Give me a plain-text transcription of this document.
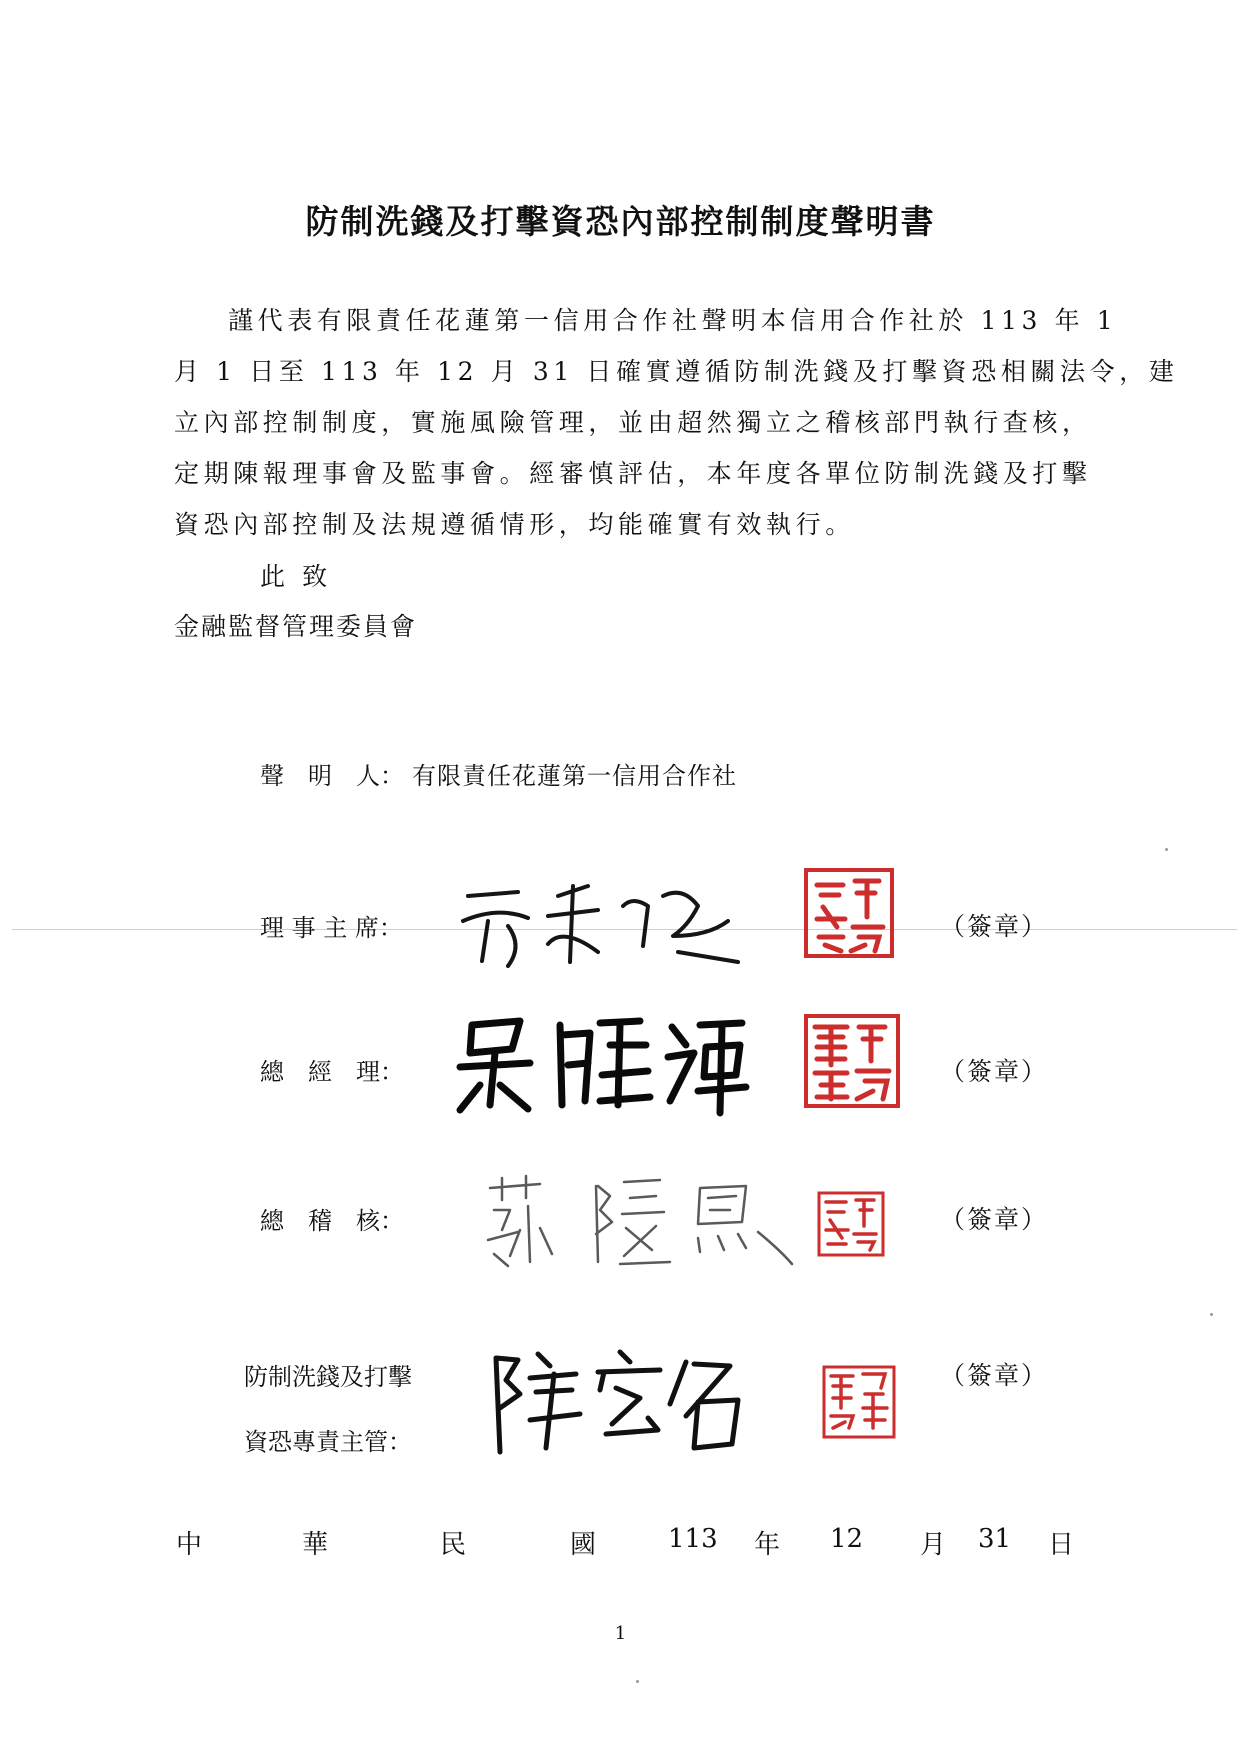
防制洗錢及打擊資恐內部控制制度聲明書
謹代表有限責任花蓮第一信用合作社聲明本信用合作社於 113 年 1
月 1 日至 113 年 12 月 31 日確實遵循防制洗錢及打擊資恐相關法令，建
立內部控制制度，實施風險管理，並由超然獨立之稽核部門執行查核，
定期陳報理事會及監事會。經審慎評估，本年度各單位防制洗錢及打擊
資恐內部控制及法規遵循情形，均能確實有效執行。
此 致
金融監督管理委員會
聲　明　人： 有限責任花蓮第一信用合作社
理 事 主 席：	（簽章）
總　經　理：	（簽章）
總　稽　核：	（簽章）
防制洗錢及打擊
資恐專責主管：
（簽章）
中	華	民	國	113 年 12 月 31 日
1
